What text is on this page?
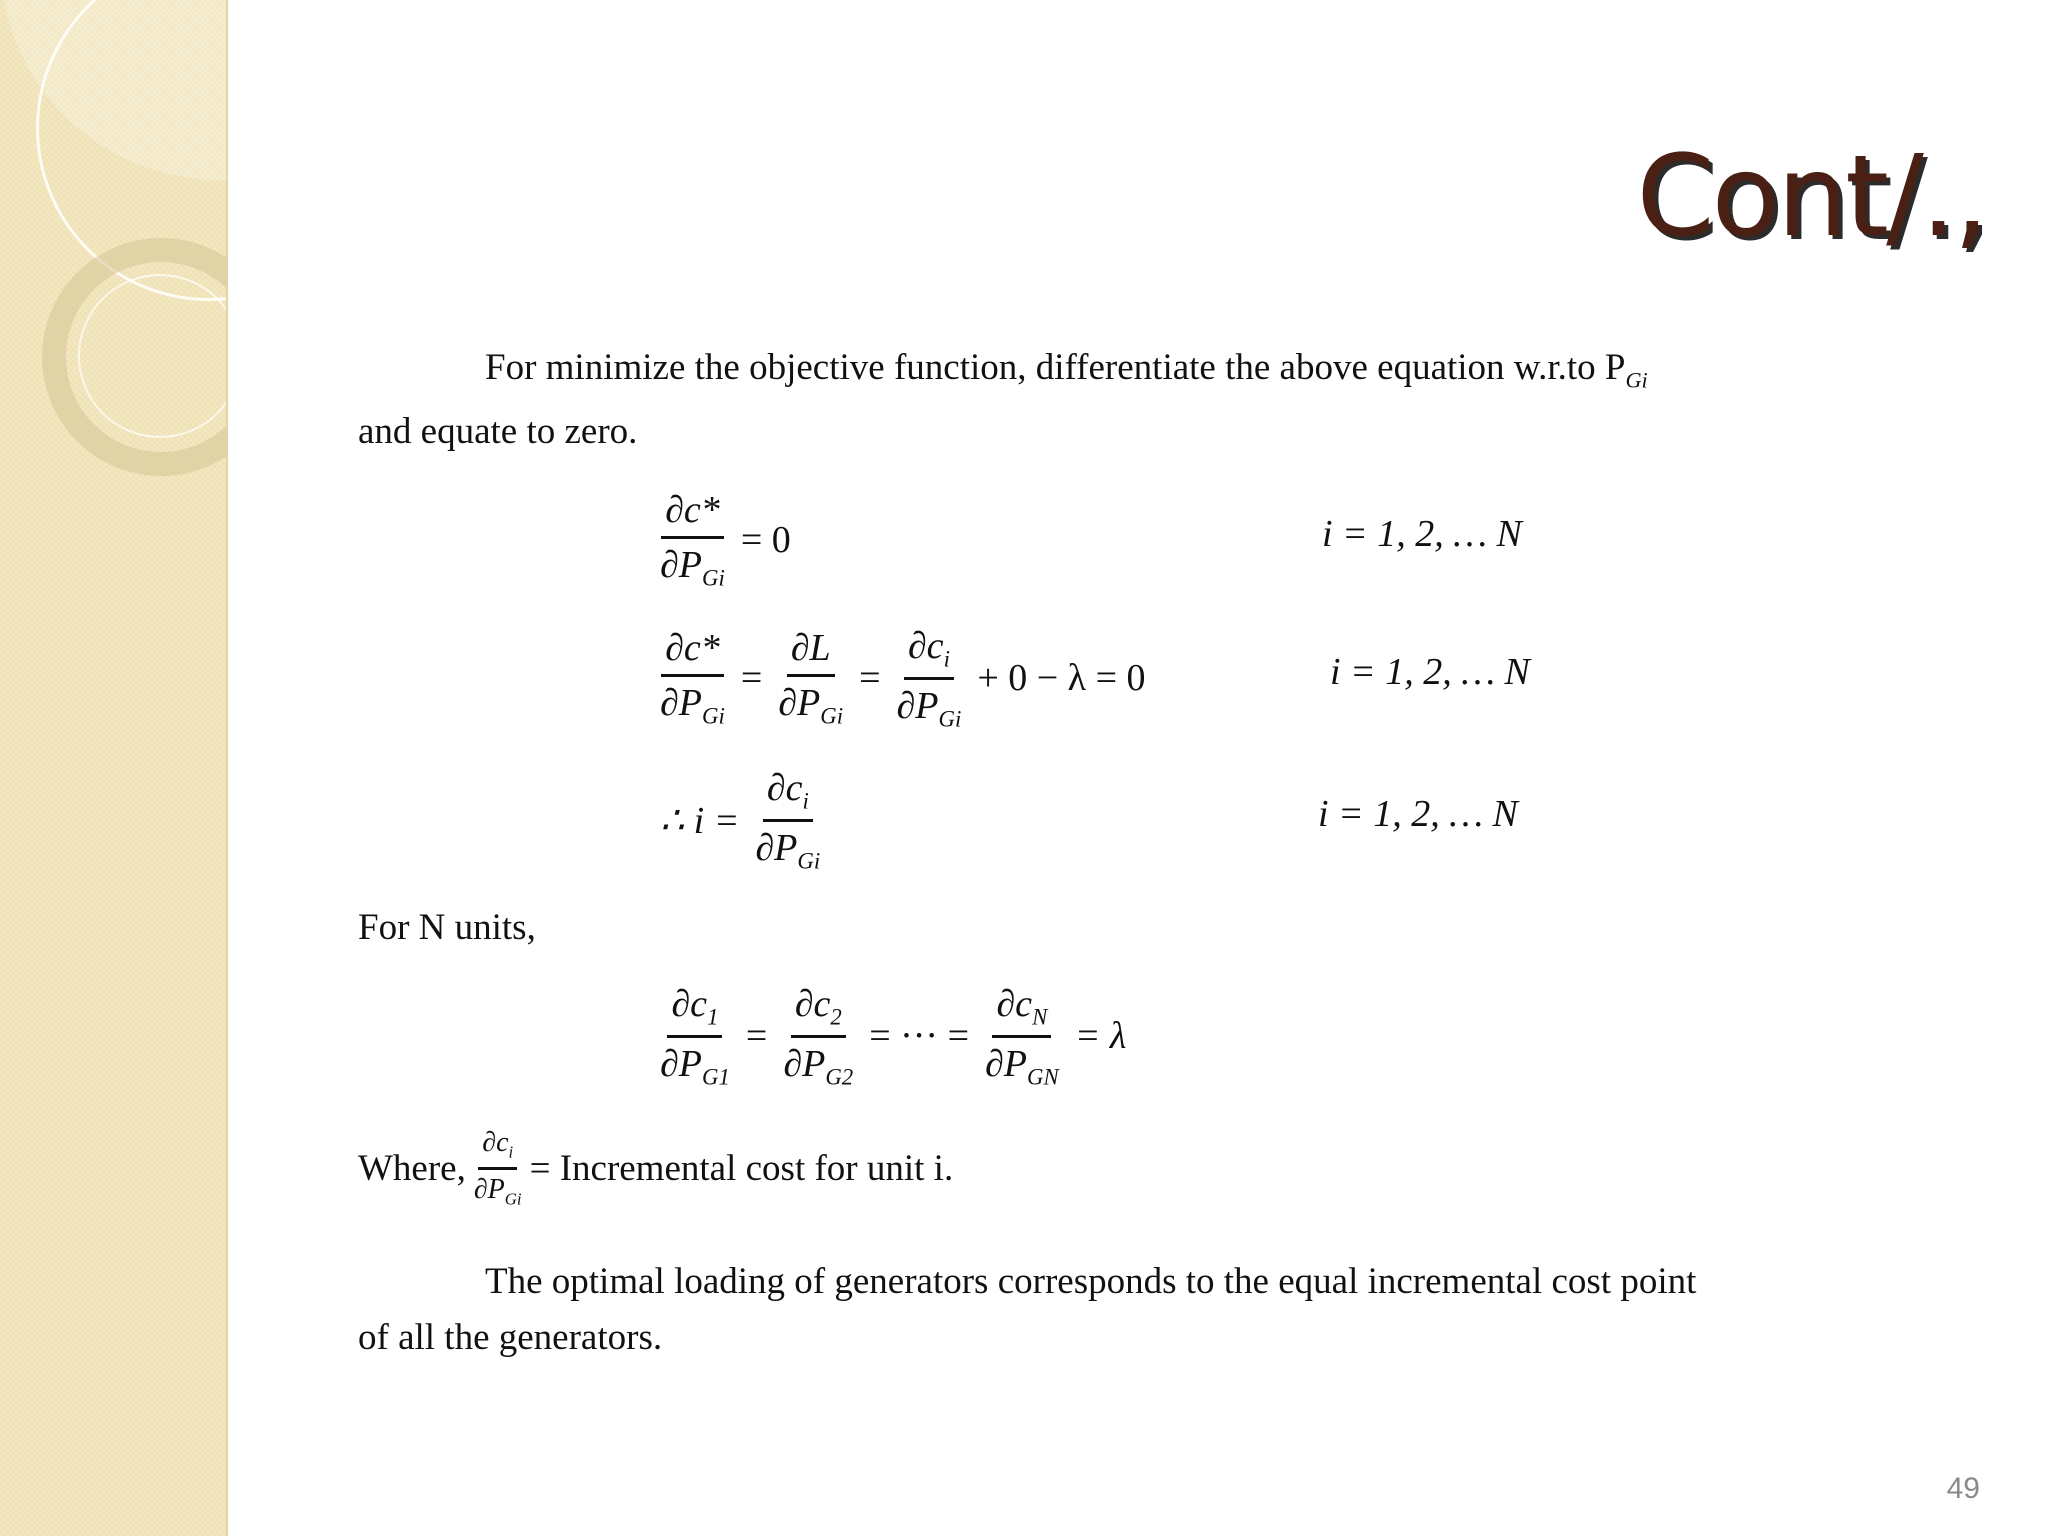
Cont/.,
For minimize the objective function, differentiate the above equation w.r.to $P_{Gi}$
and equate to zero.
$\frac{\partial c*}{\partial P_{Gi}} = 0$	i = 1, 2, … N
$\frac{\partial c*}{\partial P_{Gi}} = \frac{\partial L}{\partial P_{Gi}} = \frac{\partial c_i}{\partial P_{Gi}} + 0 - \lambda = 0$	i = 1, 2, … N
∴ $i = \frac{\partial c_i}{\partial P_{Gi}}$	i = 1, 2, … N
For N units,
$\frac{\partial c_1}{\partial P_{G1}} = \frac{\partial c_2}{\partial P_{G2}}$ = ··· = $\frac{\partial c_N}{\partial P_{GN}} = \lambda$
Where, $\frac{\partial c_i}{\partial P_{Gi}}$ = Incremental cost for unit i.
The optimal loading of generators corresponds to the equal incremental cost point
of all the generators.
49
